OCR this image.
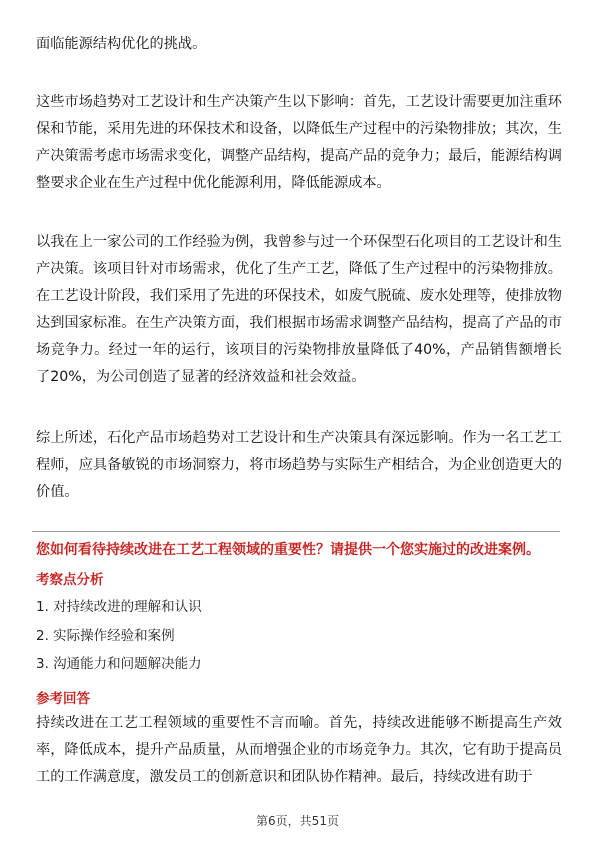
面临能源结构优化的挑战。

这些市场趋势对工艺设计和生产决策产生以下影响：首先，工艺设计需要更加注重环保和节能，采用先进的环保技术和设备，以降低生产过程中的污染物排放；其次，生产决策需考虑市场需求变化，调整产品结构，提高产品的竞争力；最后，能源结构调整要求企业在生产过程中优化能源利用，降低能源成本。

以我在上一家公司的工作经验为例，我曾参与过一个环保型石化项目的工艺设计和生产决策。该项目针对市场需求，优化了生产工艺，降低了生产过程中的污染物排放。在工艺设计阶段，我们采用了先进的环保技术，如废气脱硫、废水处理等，使排放物达到国家标准。在生产决策方面，我们根据市场需求调整产品结构，提高了产品的市场竞争力。经过一年的运行，该项目的污染物排放量降低了40%，产品销售额增长了20%，为公司创造了显著的经济效益和社会效益。

综上所述，石化产品市场趋势对工艺设计和生产决策具有深远影响。作为一名工艺工程师，应具备敏锐的市场洞察力，将市场趋势与实际生产相结合，为企业创造更大的价值。

您如何看待持续改进在工艺工程领域的重要性？请提供一个您实施过的改进案例。

考察点分析

1. 对持续改进的理解和认识

2. 实际操作经验和案例

3. 沟通能力和问题解决能力

参考回答

持续改进在工艺工程领域的重要性不言而喻。首先，持续改进能够不断提高生产效率，降低成本，提升产品质量，从而增强企业的市场竞争力。其次，它有助于提高员工的工作满意度，激发员工的创新意识和团队协作精神。最后，持续改进有助于

第6页，共51页
